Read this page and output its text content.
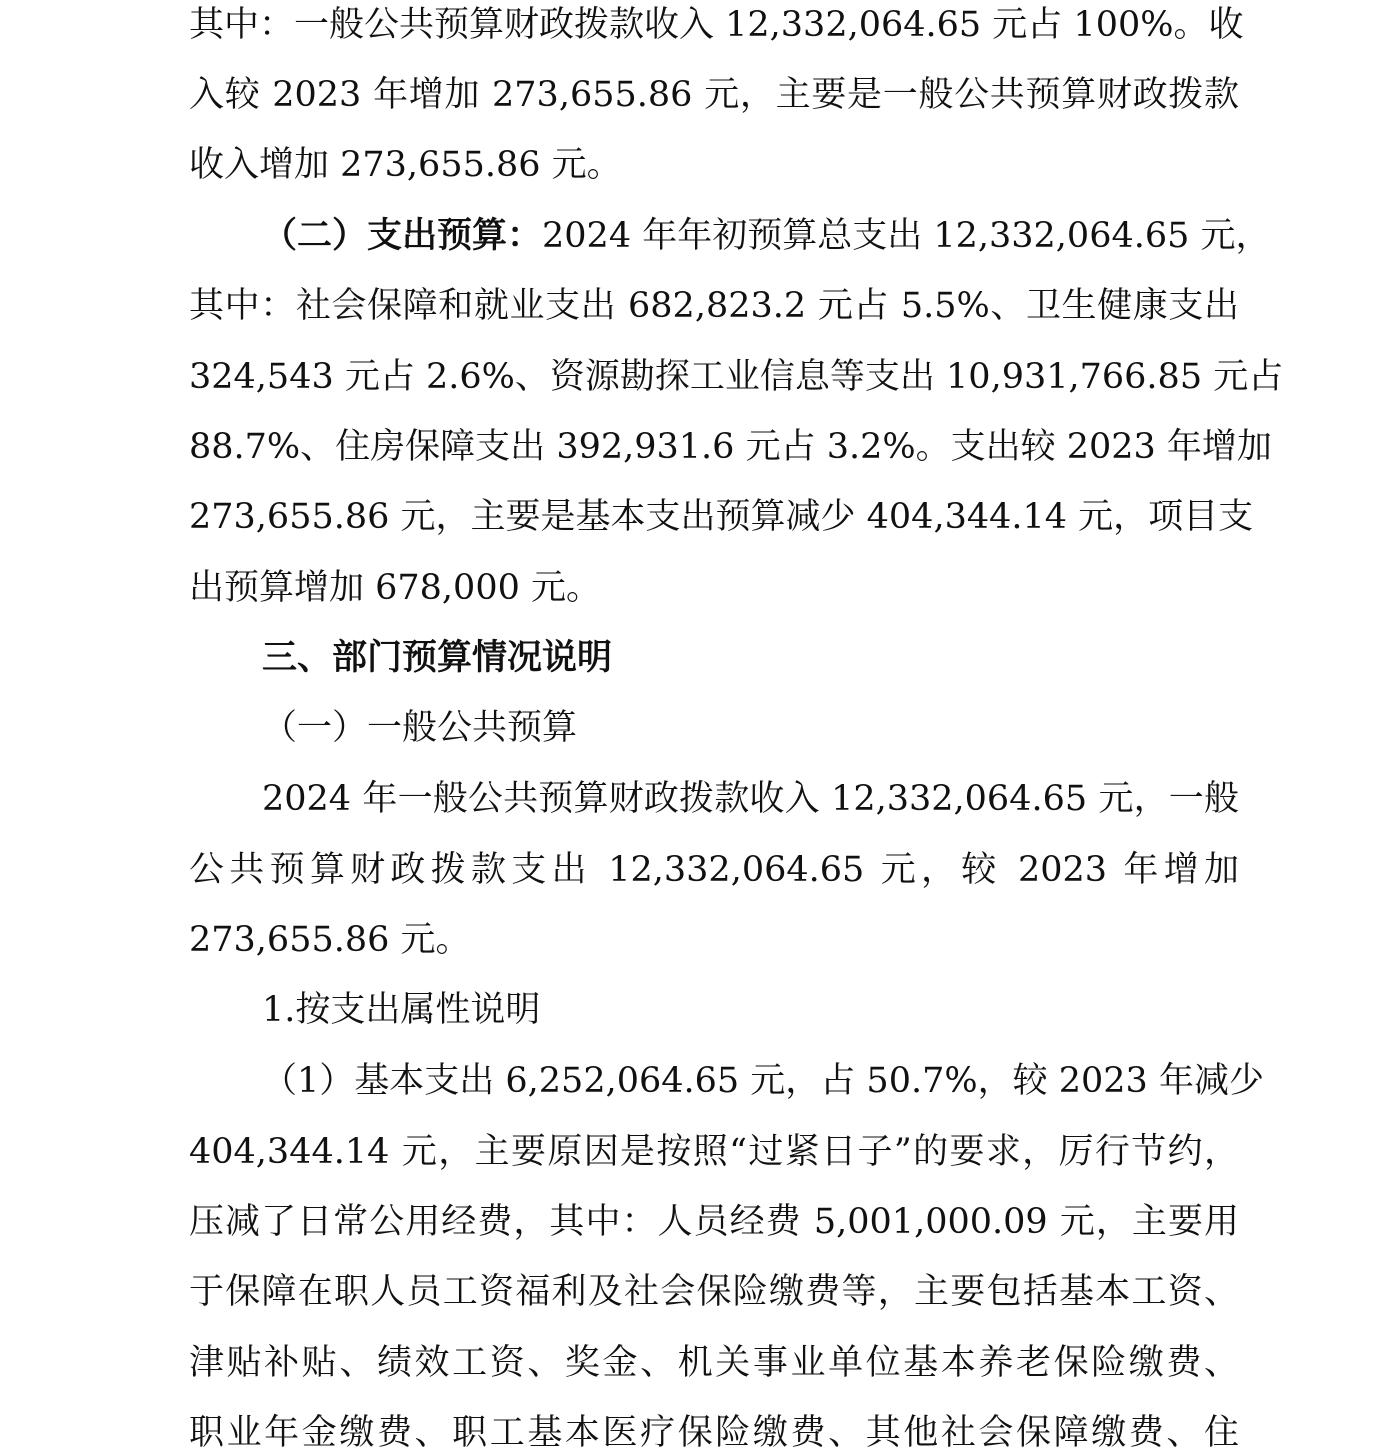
其中：一般公共预算财政拨款收入 12,332,064.65 元占 100%。收
入较 2023 年增加 273,655.86 元，主要是一般公共预算财政拨款
收入增加 273,655.86 元。
（二）支出预算：2024 年年初预算总支出 12,332,064.65 元，
其中：社会保障和就业支出 682,823.2 元占 5.5%、卫生健康支出
324,543 元占 2.6%、资源勘探工业信息等支出 10,931,766.85 元占
88.7%、住房保障支出 392,931.6 元占 3.2%。支出较 2023 年增加
273,655.86 元，主要是基本支出预算减少 404,344.14 元，项目支
出预算增加 678,000 元。
三、部门预算情况说明
（一）一般公共预算
2024 年一般公共预算财政拨款收入 12,332,064.65 元，一般
公共预算财政拨款支出 12,332,064.65 元，较 2023 年增加
273,655.86 元。
1.按支出属性说明
（1）基本支出 6,252,064.65 元，占 50.7%，较 2023 年减少
404,344.14 元，主要原因是按照“过紧日子”的要求，厉行节约，
压减了日常公用经费，其中：人员经费 5,001,000.09 元，主要用
于保障在职人员工资福利及社会保险缴费等，主要包括基本工资、
津贴补贴、绩效工资、奖金、机关事业单位基本养老保险缴费、
职业年金缴费、职工基本医疗保险缴费、其他社会保障缴费、住
